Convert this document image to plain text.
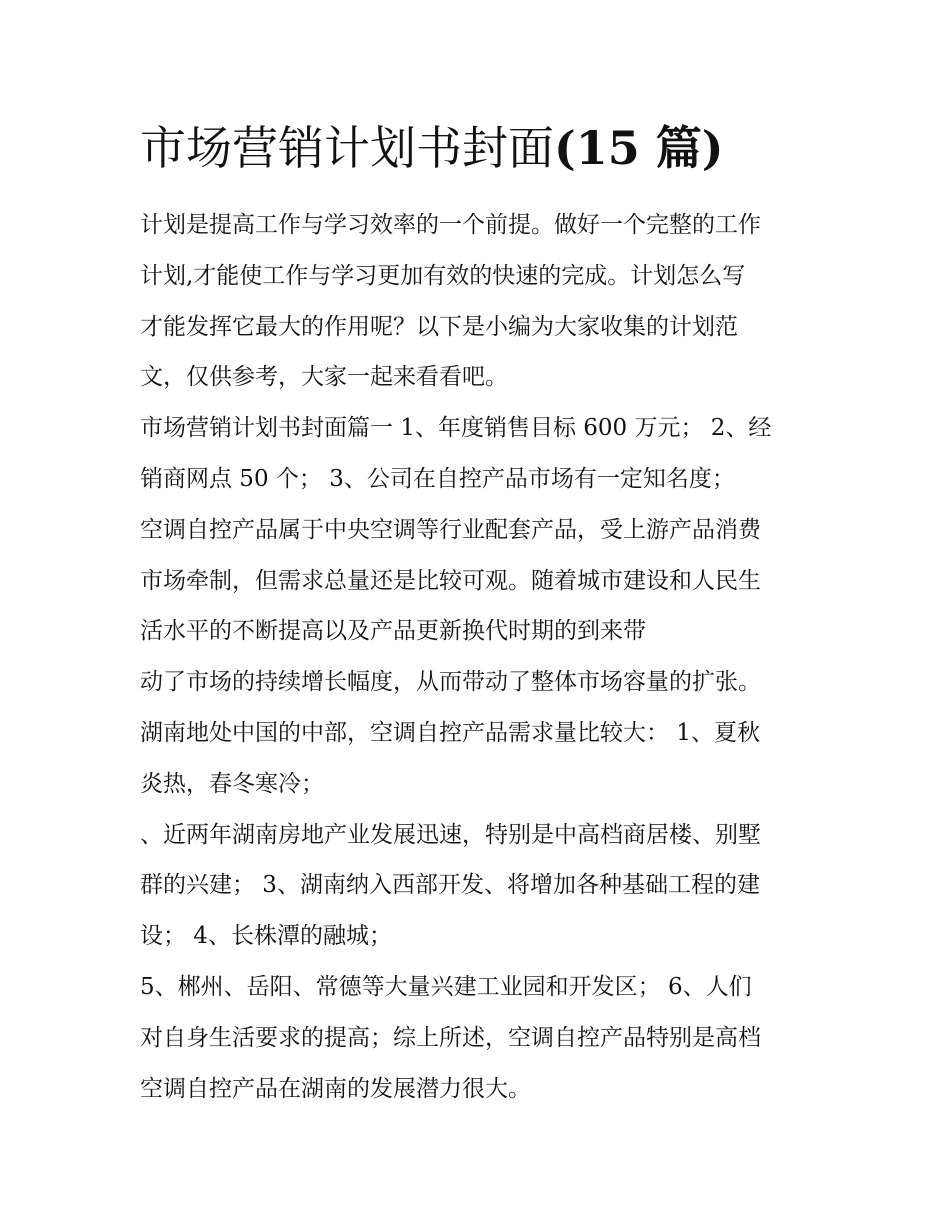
市场营销计划书封面(15 篇)

计划是提高工作与学习效率的一个前提。做好一个完整的工作

计划,才能使工作与学习更加有效的快速的完成。计划怎么写

才能发挥它最大的作用呢？以下是小编为大家收集的计划范

文，仅供参考，大家一起来看看吧。

市场营销计划书封面篇一 1、年度销售目标 600 万元； 2、经

销商网点 50 个； 3、公司在自控产品市场有一定知名度；

空调自控产品属于中央空调等行业配套产品，受上游产品消费

市场牵制，但需求总量还是比较可观。随着城市建设和人民生

活水平的不断提高以及产品更新换代时期的到来带

动了市场的持续增长幅度，从而带动了整体市场容量的扩张。

湖南地处中国的中部，空调自控产品需求量比较大： 1、夏秋

炎热，春冬寒冷；

、近两年湖南房地产业发展迅速，特别是中高档商居楼、别墅

群的兴建； 3、湖南纳入西部开发、将增加各种基础工程的建

设； 4、长株潭的融城；

5、郴州、岳阳、常德等大量兴建工业园和开发区； 6、人们

对自身生活要求的提高；综上所述，空调自控产品特别是高档

空调自控产品在湖南的发展潜力很大。
